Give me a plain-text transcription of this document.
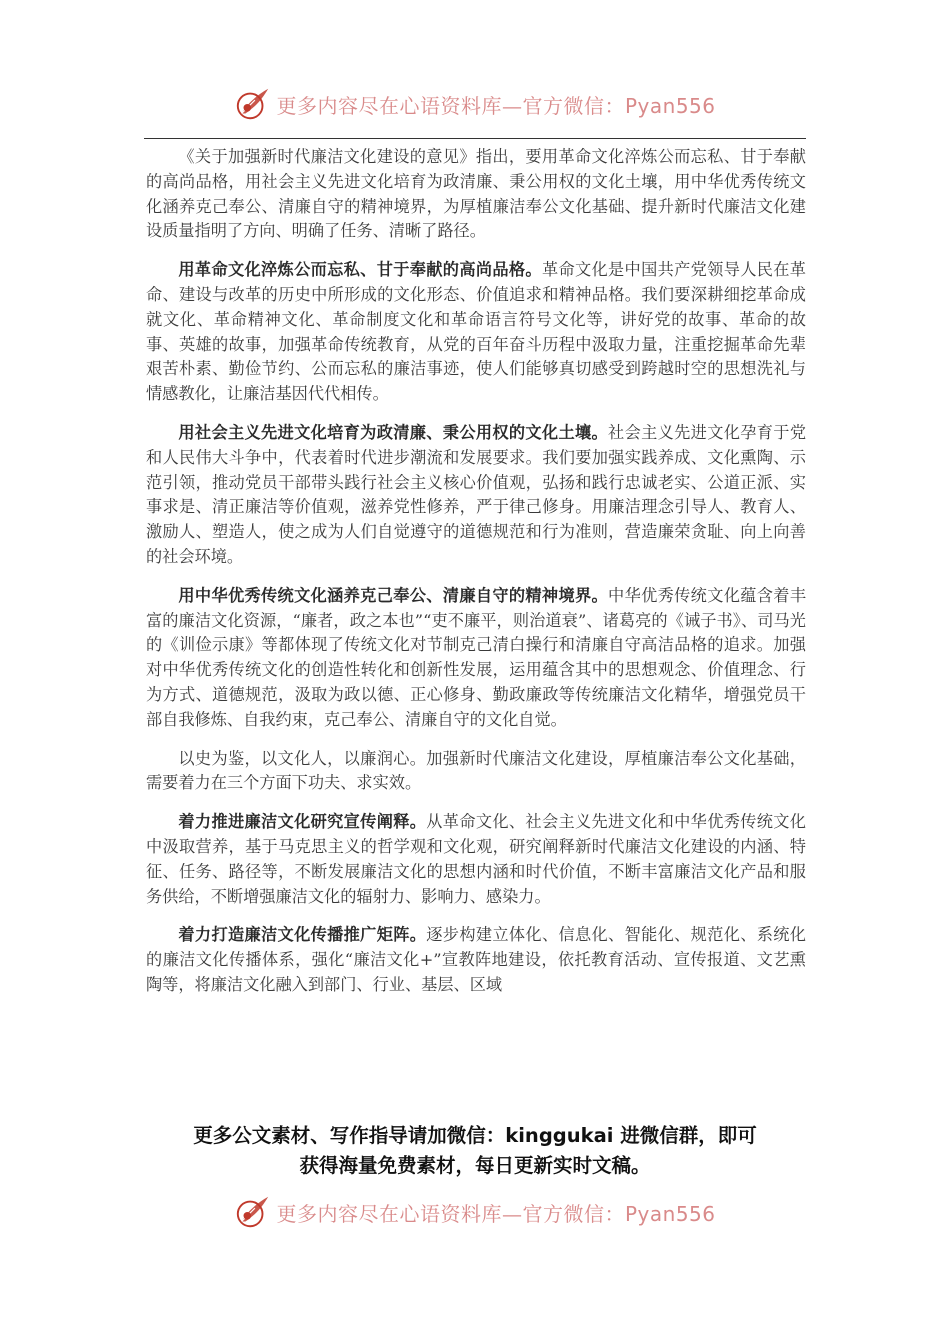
更多内容尽在心语资料库—官方微信：Pyan556

《关于加强新时代廉洁文化建设的意见》指出，要用革命文化淬炼公而忘私、甘于奉献的高尚品格，用社会主义先进文化培育为政清廉、秉公用权的文化土壤，用中华优秀传统文化涵养克己奉公、清廉自守的精神境界，为厚植廉洁奉公文化基础、提升新时代廉洁文化建设质量指明了方向、明确了任务、清晰了路径。

用革命文化淬炼公而忘私、甘于奉献的高尚品格。革命文化是中国共产党领导人民在革命、建设与改革的历史中所形成的文化形态、价值追求和精神品格。我们要深耕细挖革命成就文化、革命精神文化、革命制度文化和革命语言符号文化等，讲好党的故事、革命的故事、英雄的故事，加强革命传统教育，从党的百年奋斗历程中汲取力量，注重挖掘革命先辈艰苦朴素、勤俭节约、公而忘私的廉洁事迹，使人们能够真切感受到跨越时空的思想洗礼与情感教化，让廉洁基因代代相传。

用社会主义先进文化培育为政清廉、秉公用权的文化土壤。社会主义先进文化孕育于党和人民伟大斗争中，代表着时代进步潮流和发展要求。我们要加强实践养成、文化熏陶、示范引领，推动党员干部带头践行社会主义核心价值观，弘扬和践行忠诚老实、公道正派、实事求是、清正廉洁等价值观，滋养党性修养，严于律己修身。用廉洁理念引导人、教育人、激励人、塑造人，使之成为人们自觉遵守的道德规范和行为准则，营造廉荣贪耻、向上向善的社会环境。

用中华优秀传统文化涵养克己奉公、清廉自守的精神境界。中华优秀传统文化蕴含着丰富的廉洁文化资源，“廉者，政之本也”“吏不廉平，则治道衰”、诸葛亮的《诫子书》、司马光的《训俭示康》等都体现了传统文化对节制克己清白操行和清廉自守高洁品格的追求。加强对中华优秀传统文化的创造性转化和创新性发展，运用蕴含其中的思想观念、价值理念、行为方式、道德规范，汲取为政以德、正心修身、勤政廉政等传统廉洁文化精华，增强党员干部自我修炼、自我约束，克己奉公、清廉自守的文化自觉。

以史为鉴，以文化人，以廉润心。加强新时代廉洁文化建设，厚植廉洁奉公文化基础，需要着力在三个方面下功夫、求实效。

着力推进廉洁文化研究宣传阐释。从革命文化、社会主义先进文化和中华优秀传统文化中汲取营养，基于马克思主义的哲学观和文化观，研究阐释新时代廉洁文化建设的内涵、特征、任务、路径等，不断发展廉洁文化的思想内涵和时代价值，不断丰富廉洁文化产品和服务供给，不断增强廉洁文化的辐射力、影响力、感染力。

着力打造廉洁文化传播推广矩阵。逐步构建立体化、信息化、智能化、规范化、系统化的廉洁文化传播体系，强化“廉洁文化+”宣教阵地建设，依托教育活动、宣传报道、文艺熏陶等，将廉洁文化融入到部门、行业、基层、区域

更多公文素材、写作指导请加微信：kinggukai 进微信群，即可
获得海量免费素材，每日更新实时文稿。
更多内容尽在心语资料库—官方微信：Pyan556
